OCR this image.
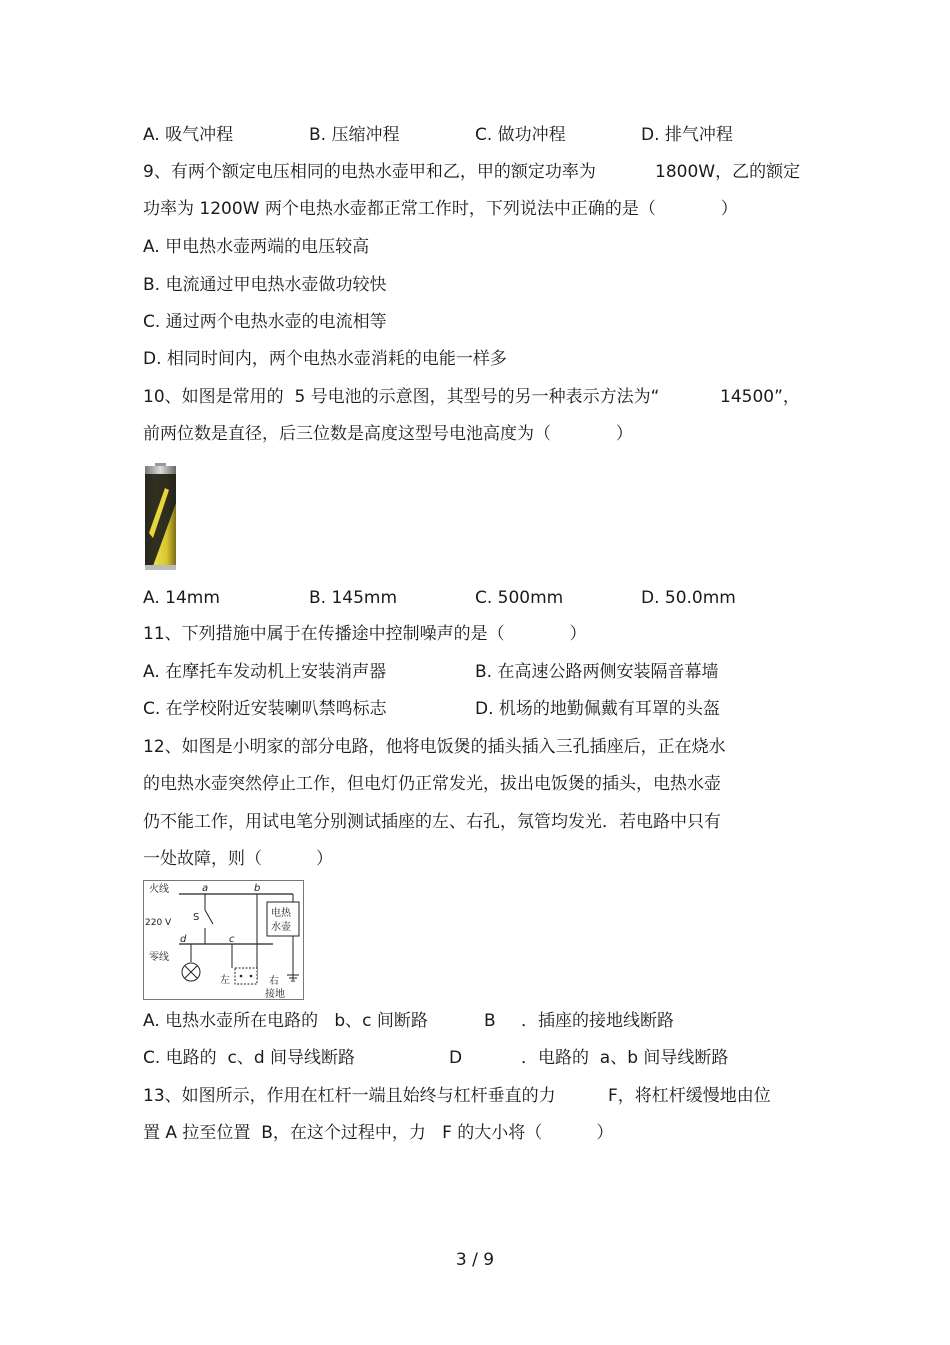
A. 吸气冲程	B. 压缩冲程	C. 做功冲程	D. 排气冲程
9、有两个额定电压相同的电热水壶甲和乙，甲的额定功率为	1800W，乙的额定
功率为 1200W 两个电热水壶都正常工作时，下列说法中正确的是（            ）
A. 甲电热水壶两端的电压较高
B. 电流通过甲电热水壶做功较快
C. 通过两个电热水壶的电流相等
D. 相同时间内，两个电热水壶消耗的电能一样多
10、如图是常用的  5 号电池的示意图，其型号的另一种表示方法为“	14500”，
前两位数是直径，后三位数是高度这型号电池高度为（            ）
A. 14mm	B. 145mm	C. 500mm	D. 50.0mm
11、下列措施中属于在传播途中控制噪声的是（            ）
A. 在摩托车发动机上安装消声器	B. 在高速公路两侧安装隔音幕墙
C. 在学校附近安装喇叭禁鸣标志	D. 机场的地勤佩戴有耳罩的头盔
12、如图是小明家的部分电路，他将电饭煲的插头插入三孔插座后，正在烧水
的电热水壶突然停止工作，但电灯仍正常发光，拔出电饭煲的插头，电热水壶
仍不能工作，用试电笔分别测试插座的左、右孔，氖管均发光．若电路中只有
一处故障，则（          ）
火线
零线
220 V
a	b
c
d
S	电热
水壶
左	右
接地
A. 电热水壶所在电路的   b、c 间断路	B ．插座的接地线断路
C. 电路的  c、d 间导线断路	D	．电路的  a、b 间导线断路
13、如图所示，作用在杠杆一端且始终与杠杆垂直的力	F，将杠杆缓慢地由位
置 A 拉至位置  B，在这个过程中，力   F 的大小将（          ）
3 / 9
